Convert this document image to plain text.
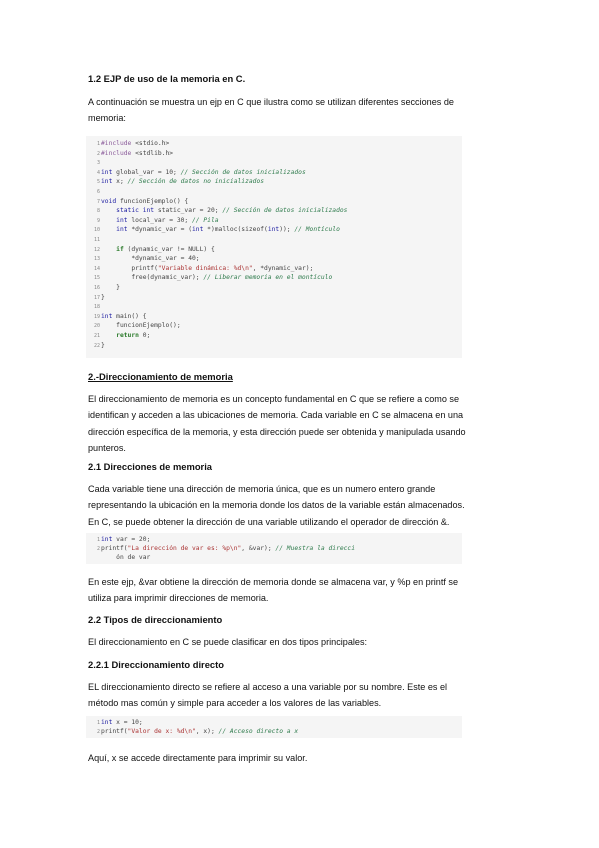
1.2 EJP de uso de la memoria en C.
A continuación se muestra un ejp en C que ilustra como se utilizan diferentes secciones de
memoria:
1#include <stdio.h>
2#include <stdlib.h>
3
4int global_var = 10; // Sección de datos inicializados
5int x; // Sección de datos no inicializados
6
7void funcionEjemplo() {
8	static int static_var = 20; // Sección de datos inicializados
9	int local_var = 30; // Pila
10	int *dynamic_var = (int *)malloc(sizeof(int)); // Montículo
11
12	if (dynamic_var != NULL) {
13        *dynamic_var = 40;
14        printf("Variable dinámica: %d\n", *dynamic_var);
15        free(dynamic_var); // Liberar memoria en el montículo
16    }
17}
18
19int main() {
20    funcionEjemplo();
21	return 0;
22}
2.-Direccionamiento de memoria
El direccionamiento de memoria es un concepto fundamental en C que se refiere a como se
identifican y acceden a las ubicaciones de memoria. Cada variable en C se almacena en una
dirección específica de la memoria, y esta dirección puede ser obtenida y manipulada usando
punteros.
2.1 Direcciones de memoria
Cada variable tiene una dirección de memoria única, que es un numero entero grande
representando la ubicación en la memoria donde los datos de la variable están almacenados.
En C, se puede obtener la dirección de una variable utilizando el operador de dirección &.
1int var = 20;
2printf("La dirección de var es: %p\n", &var); // Muestra la direcci
ón de var
En este ejp, &var obtiene la dirección de memoria donde se almacena var, y %p en printf se
utiliza para imprimir direcciones de memoria.
2.2 Tipos de direccionamiento
El direccionamiento en C se puede clasificar en dos tipos principales:
2.2.1 Direccionamiento directo
EL direccionamiento directo se refiere al acceso a una variable por su nombre. Este es el
método mas común y simple para acceder a los valores de las variables.
1int x = 10;
2printf("Valor de x: %d\n", x); // Acceso directo a x
Aquí, x se accede directamente para imprimir su valor.
